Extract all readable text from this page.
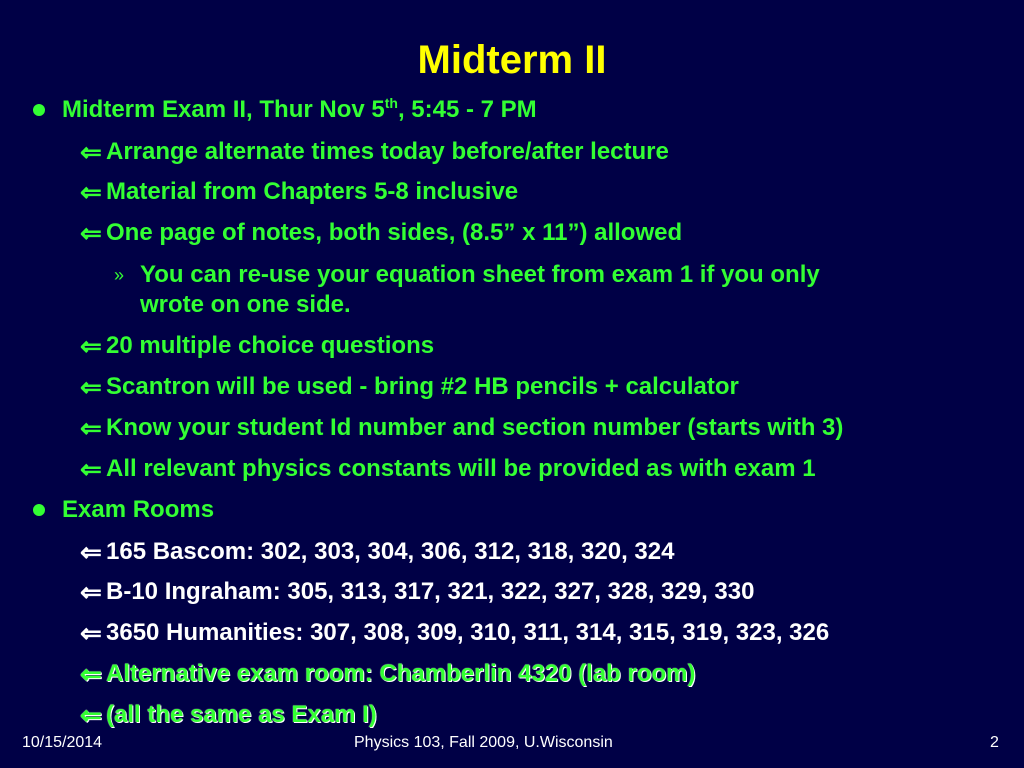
Midterm II
Midterm Exam II, Thur Nov 5th, 5:45 - 7 PM
⇐ Arrange alternate times today before/after lecture
⇐ Material from Chapters 5-8 inclusive
⇐ One page of notes, both sides, (8.5” x 11”) allowed
» You can re-use your equation sheet from exam 1 if you only
wrote on one side.
⇐ 20 multiple choice questions
⇐ Scantron will be used - bring #2 HB pencils + calculator
⇐ Know your student Id number and section number (starts with 3)
⇐ All relevant physics constants will be provided as with exam 1
Exam Rooms
⇐ 165 Bascom: 302, 303, 304, 306, 312, 318, 320, 324
⇐ B-10 Ingraham: 305, 313, 317, 321, 322, 327, 328, 329, 330
⇐ 3650 Humanities: 307, 308, 309, 310, 311, 314, 315, 319, 323, 326
⇐ Alternative exam room: Chamberlin 4320 (lab room)
⇐ (all the same as Exam I)
10/15/2014	Physics 103, Fall 2009, U.Wisconsin	2
